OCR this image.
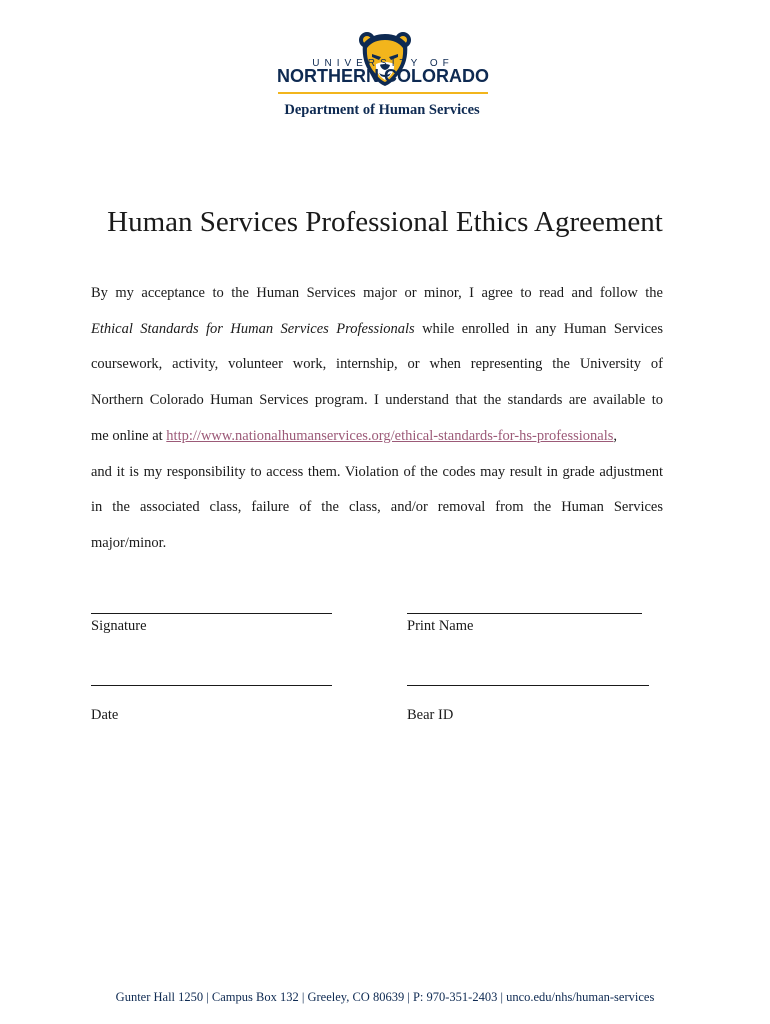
UNIVERSITY OF
NORTHERN COLORADO
Department of Human Services
Human Services Professional Ethics Agreement
By my acceptance to the Human Services major or minor, I agree to read and follow the
Ethical Standards for Human Services Professionals while enrolled in any Human Services
coursework, activity, volunteer work, internship, or when representing the University of
Northern Colorado Human Services program. I understand that the standards are available to
me online at http://www.nationalhumanservices.org/ethical-standards-for-hs-professionals,
and it is my responsibility to access them. Violation of the codes may result in grade adjustment
in the associated class, failure of the class, and/or removal from the Human Services
major/minor.
Signature	Print Name
Date	Bear ID
Gunter Hall 1250 | Campus Box 132 | Greeley, CO 80639 | P: 970-351-2403 | unco.edu/nhs/human-services
